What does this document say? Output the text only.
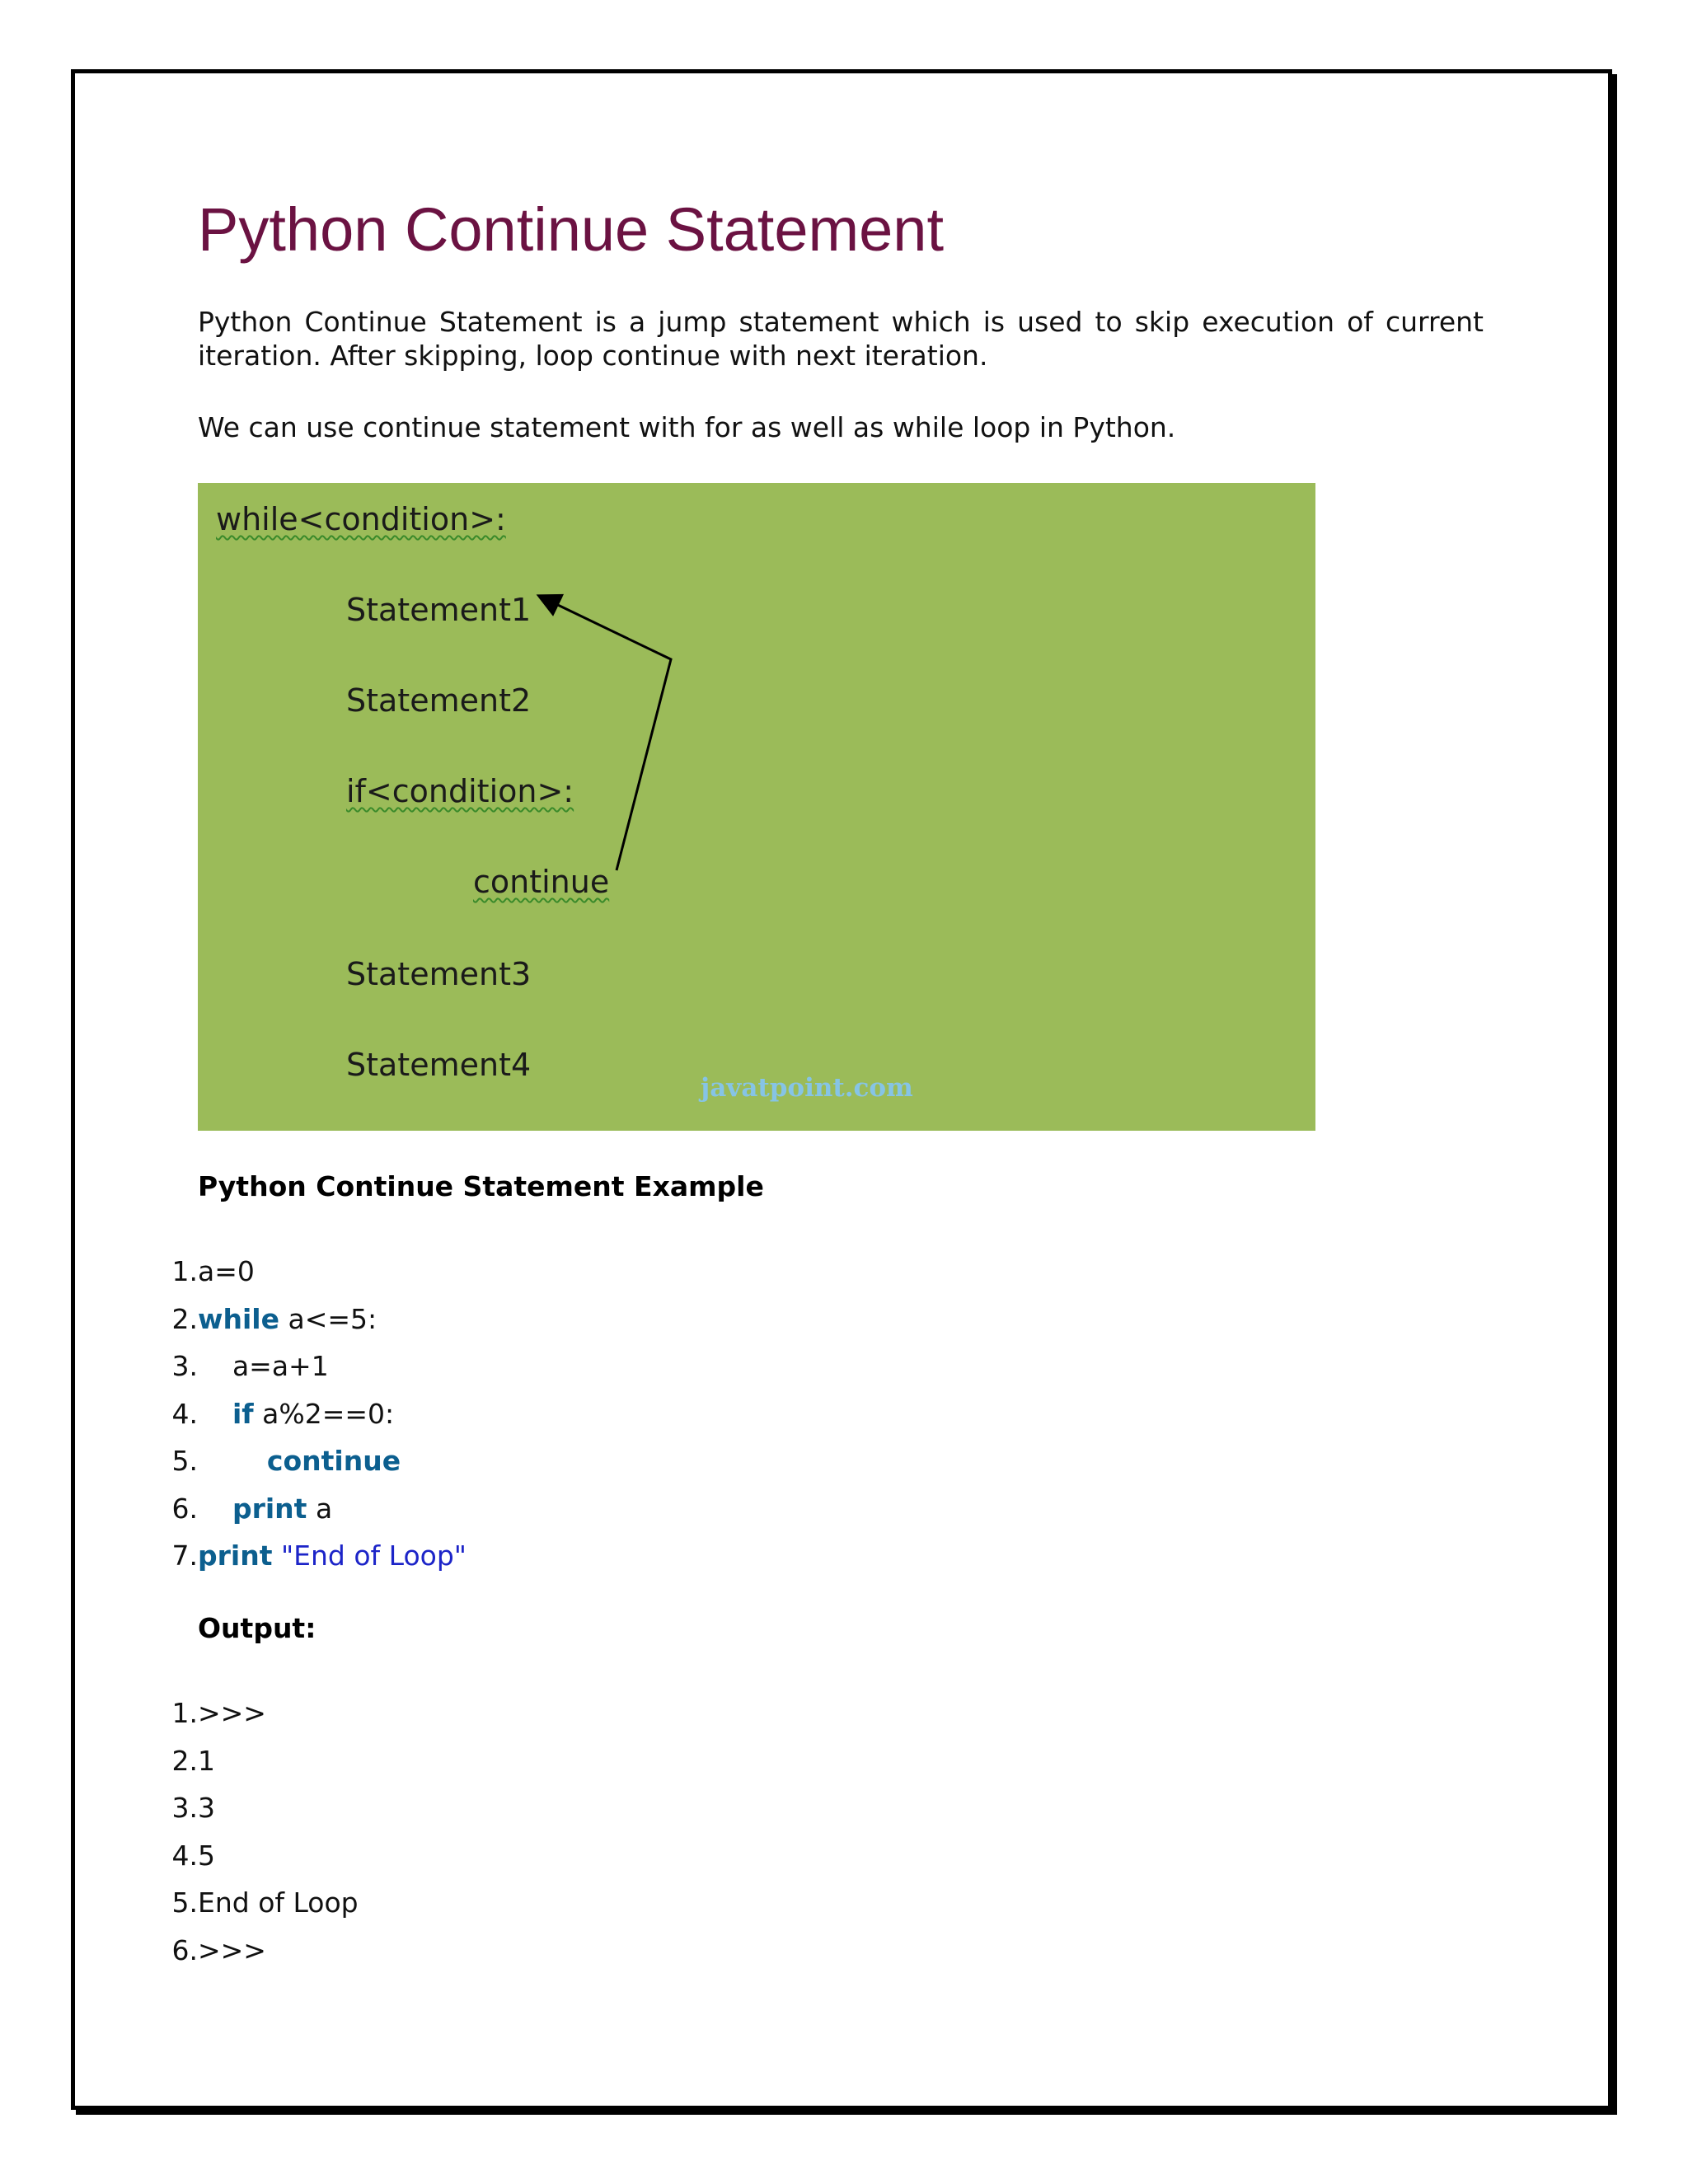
Python Continue Statement

Python Continue Statement is a jump statement which is used to skip execution of current iteration. After skipping, loop continue with next iteration.

We can use continue statement with for as well as while loop in Python.

while<condition>:
Statement1
Statement2
if<condition>:
continue
Statement3
Statement4
javatpoint.com
Python Continue Statement Example
1. a=0
2. while a<=5:
3. a=a+1
4.	if a%2==0:
5.	continue
6.	print a
7. print "End of Loop"
Output:
1. >>>
2. 1
3. 3
4. 5
5. End of Loop
6. >>>
